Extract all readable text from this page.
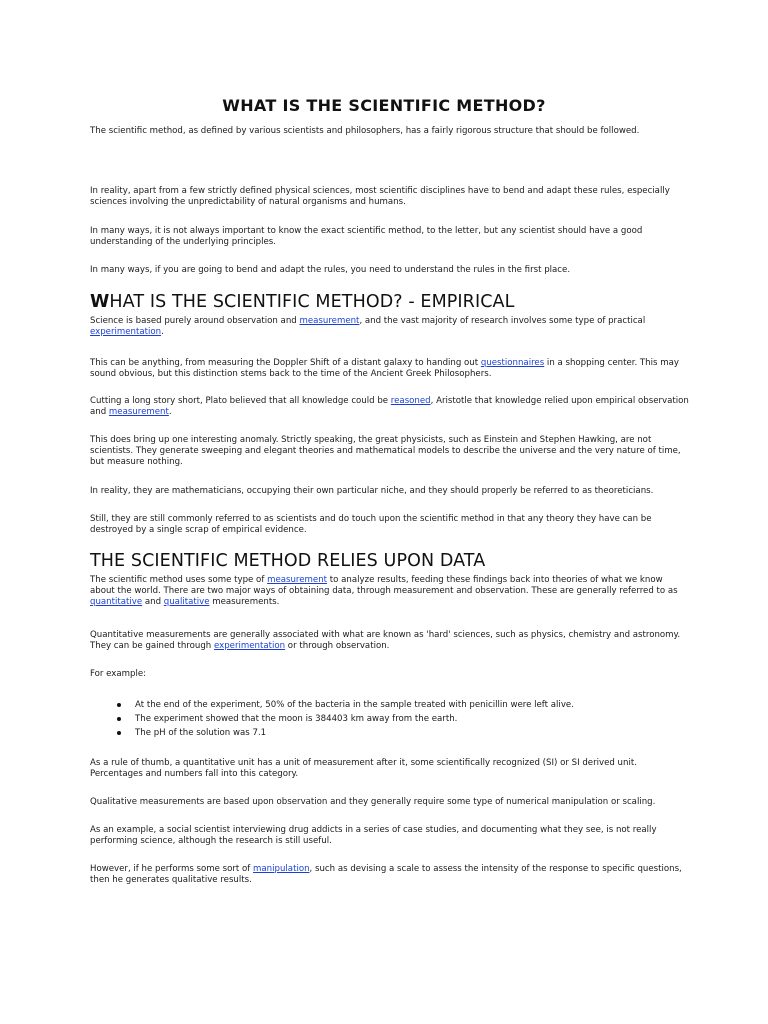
WHAT IS THE SCIENTIFIC METHOD?

The scientific method, as defined by various scientists and philosophers, has a fairly rigorous structure that should be followed.

In reality, apart from a few strictly defined physical sciences, most scientific disciplines have to bend and adapt these rules, especially sciences involving the unpredictability of natural organisms and humans.

In many ways, it is not always important to know the exact scientific method, to the letter, but any scientist should have a good understanding of the underlying principles.

In many ways, if you are going to bend and adapt the rules, you need to understand the rules in the first place.

WHAT IS THE SCIENTIFIC METHOD? - EMPIRICAL

Science is based purely around observation and measurement, and the vast majority of research involves some type of practical experimentation.

This can be anything, from measuring the Doppler Shift of a distant galaxy to handing out questionnaires in a shopping center. This may sound obvious, but this distinction stems back to the time of the Ancient Greek Philosophers.

Cutting a long story short, Plato believed that all knowledge could be reasoned, Aristotle that knowledge relied upon empirical observation and measurement.

This does bring up one interesting anomaly. Strictly speaking, the great physicists, such as Einstein and Stephen Hawking, are not scientists. They generate sweeping and elegant theories and mathematical models to describe the universe and the very nature of time, but measure nothing.

In reality, they are mathematicians, occupying their own particular niche, and they should properly be referred to as theoreticians.

Still, they are still commonly referred to as scientists and do touch upon the scientific method in that any theory they have can be destroyed by a single scrap of empirical evidence.

THE SCIENTIFIC METHOD RELIES UPON DATA

The scientific method uses some type of measurement to analyze results, feeding these findings back into theories of what we know about the world. There are two major ways of obtaining data, through measurement and observation. These are generally referred to as quantitative and qualitative measurements.

Quantitative measurements are generally associated with what are known as 'hard' sciences, such as physics, chemistry and astronomy. They can be gained through experimentation or through observation.

For example:

At the end of the experiment, 50% of the bacteria in the sample treated with penicillin were left alive.
The experiment showed that the moon is 384403 km away from the earth.
The pH of the solution was 7.1

As a rule of thumb, a quantitative unit has a unit of measurement after it, some scientifically recognized (SI) or SI derived unit. Percentages and numbers fall into this category.

Qualitative measurements are based upon observation and they generally require some type of numerical manipulation or scaling.

As an example, a social scientist interviewing drug addicts in a series of case studies, and documenting what they see, is not really performing science, although the research is still useful.

However, if he performs some sort of manipulation, such as devising a scale to assess the intensity of the response to specific questions, then he generates qualitative results.
